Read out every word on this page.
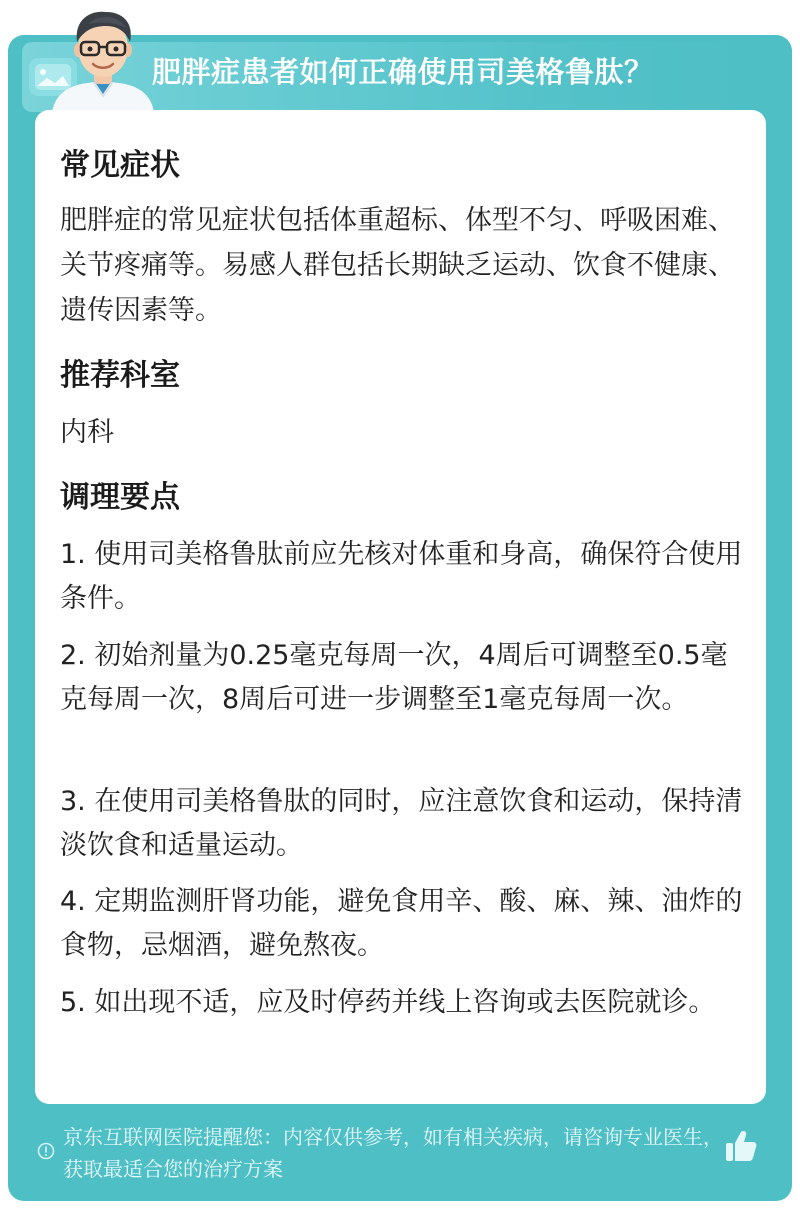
肥胖症患者如何正确使用司美格鲁肽？
常见症状
肥胖症的常见症状包括体重超标、体型不匀、呼吸困难、关节疼痛等。易感人群包括长期缺乏运动、饮食不健康、遗传因素等。
推荐科室
内科
调理要点
1. 使用司美格鲁肽前应先核对体重和身高，确保符合使用条件。
2. 初始剂量为0.25毫克每周一次，4周后可调整至0.5毫克每周一次，8周后可进一步调整至1毫克每周一次。
3. 在使用司美格鲁肽的同时，应注意饮食和运动，保持清淡饮食和适量运动。
4. 定期监测肝肾功能，避免食用辛、酸、麻、辣、油炸的食物，忌烟酒，避免熬夜。
5. 如出现不适，应及时停药并线上咨询或去医院就诊。
京东互联网医院提醒您：内容仅供参考，如有相关疾病，请咨询专业医生，获取最适合您的治疗方案
